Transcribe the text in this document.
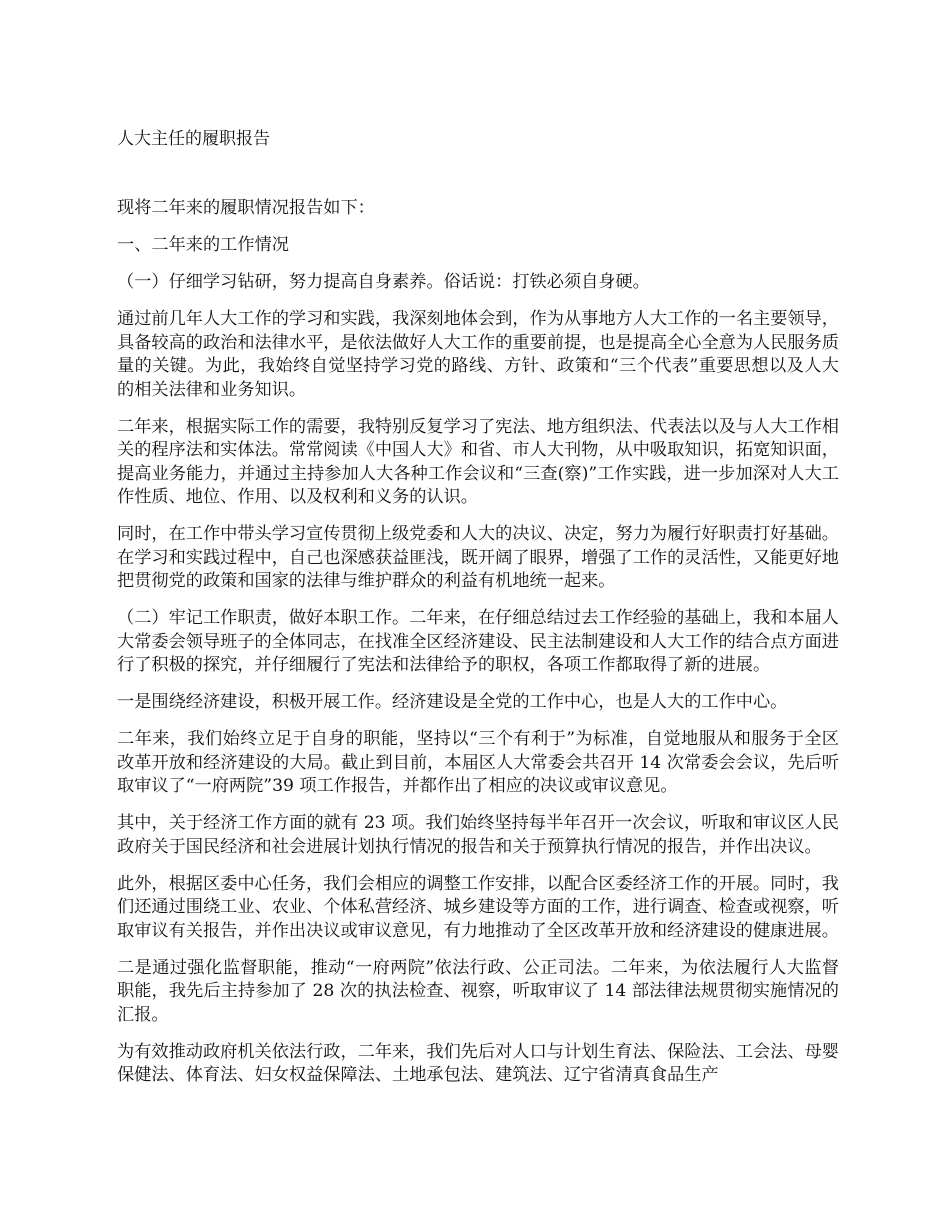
人大主任的履职报告

现将二年来的履职情况报告如下：

一、二年来的工作情况

（一）仔细学习钻研，努力提高自身素养。俗话说：打铁必须自身硬。

通过前几年人大工作的学习和实践，我深刻地体会到，作为从事地方人大工作的一名主要领导，具备较高的政治和法律水平，是依法做好人大工作的重要前提，也是提高全心全意为人民服务质量的关键。为此，我始终自觉坚持学习党的路线、方针、政策和“三个代表”重要思想以及人大的相关法律和业务知识。

二年来，根据实际工作的需要，我特别反复学习了宪法、地方组织法、代表法以及与人大工作相关的程序法和实体法。常常阅读《中国人大》和省、市人大刊物，从中吸取知识，拓宽知识面，提高业务能力，并通过主持参加人大各种工作会议和“三查(察)”工作实践，进一步加深对人大工作性质、地位、作用、以及权利和义务的认识。

同时，在工作中带头学习宣传贯彻上级党委和人大的决议、决定，努力为履行好职责打好基础。在学习和实践过程中，自己也深感获益匪浅，既开阔了眼界，增强了工作的灵活性，又能更好地把贯彻党的政策和国家的法律与维护群众的利益有机地统一起来。

（二）牢记工作职责，做好本职工作。二年来，在仔细总结过去工作经验的基础上，我和本届人大常委会领导班子的全体同志，在找准全区经济建设、民主法制建设和人大工作的结合点方面进行了积极的探究，并仔细履行了宪法和法律给予的职权，各项工作都取得了新的进展。

一是围绕经济建设，积极开展工作。经济建设是全党的工作中心，也是人大的工作中心。

二年来，我们始终立足于自身的职能，坚持以“三个有利于”为标准，自觉地服从和服务于全区改革开放和经济建设的大局。截止到目前，本届区人大常委会共召开 14 次常委会会议，先后听取审议了“一府两院”39 项工作报告，并都作出了相应的决议或审议意见。

其中，关于经济工作方面的就有 23 项。我们始终坚持每半年召开一次会议，听取和审议区人民政府关于国民经济和社会进展计划执行情况的报告和关于预算执行情况的报告，并作出决议。

此外，根据区委中心任务，我们会相应的调整工作安排，以配合区委经济工作的开展。同时，我们还通过围绕工业、农业、个体私营经济、城乡建设等方面的工作，进行调查、检查或视察，听取审议有关报告，并作出决议或审议意见，有力地推动了全区改革开放和经济建设的健康进展。

二是通过强化监督职能，推动“一府两院”依法行政、公正司法。二年来，为依法履行人大监督职能，我先后主持参加了 28 次的执法检查、视察，听取审议了 14 部法律法规贯彻实施情况的汇报。

为有效推动政府机关依法行政，二年来，我们先后对人口与计划生育法、保险法、工会法、母婴保健法、体育法、妇女权益保障法、土地承包法、建筑法、辽宁省清真食品生产
